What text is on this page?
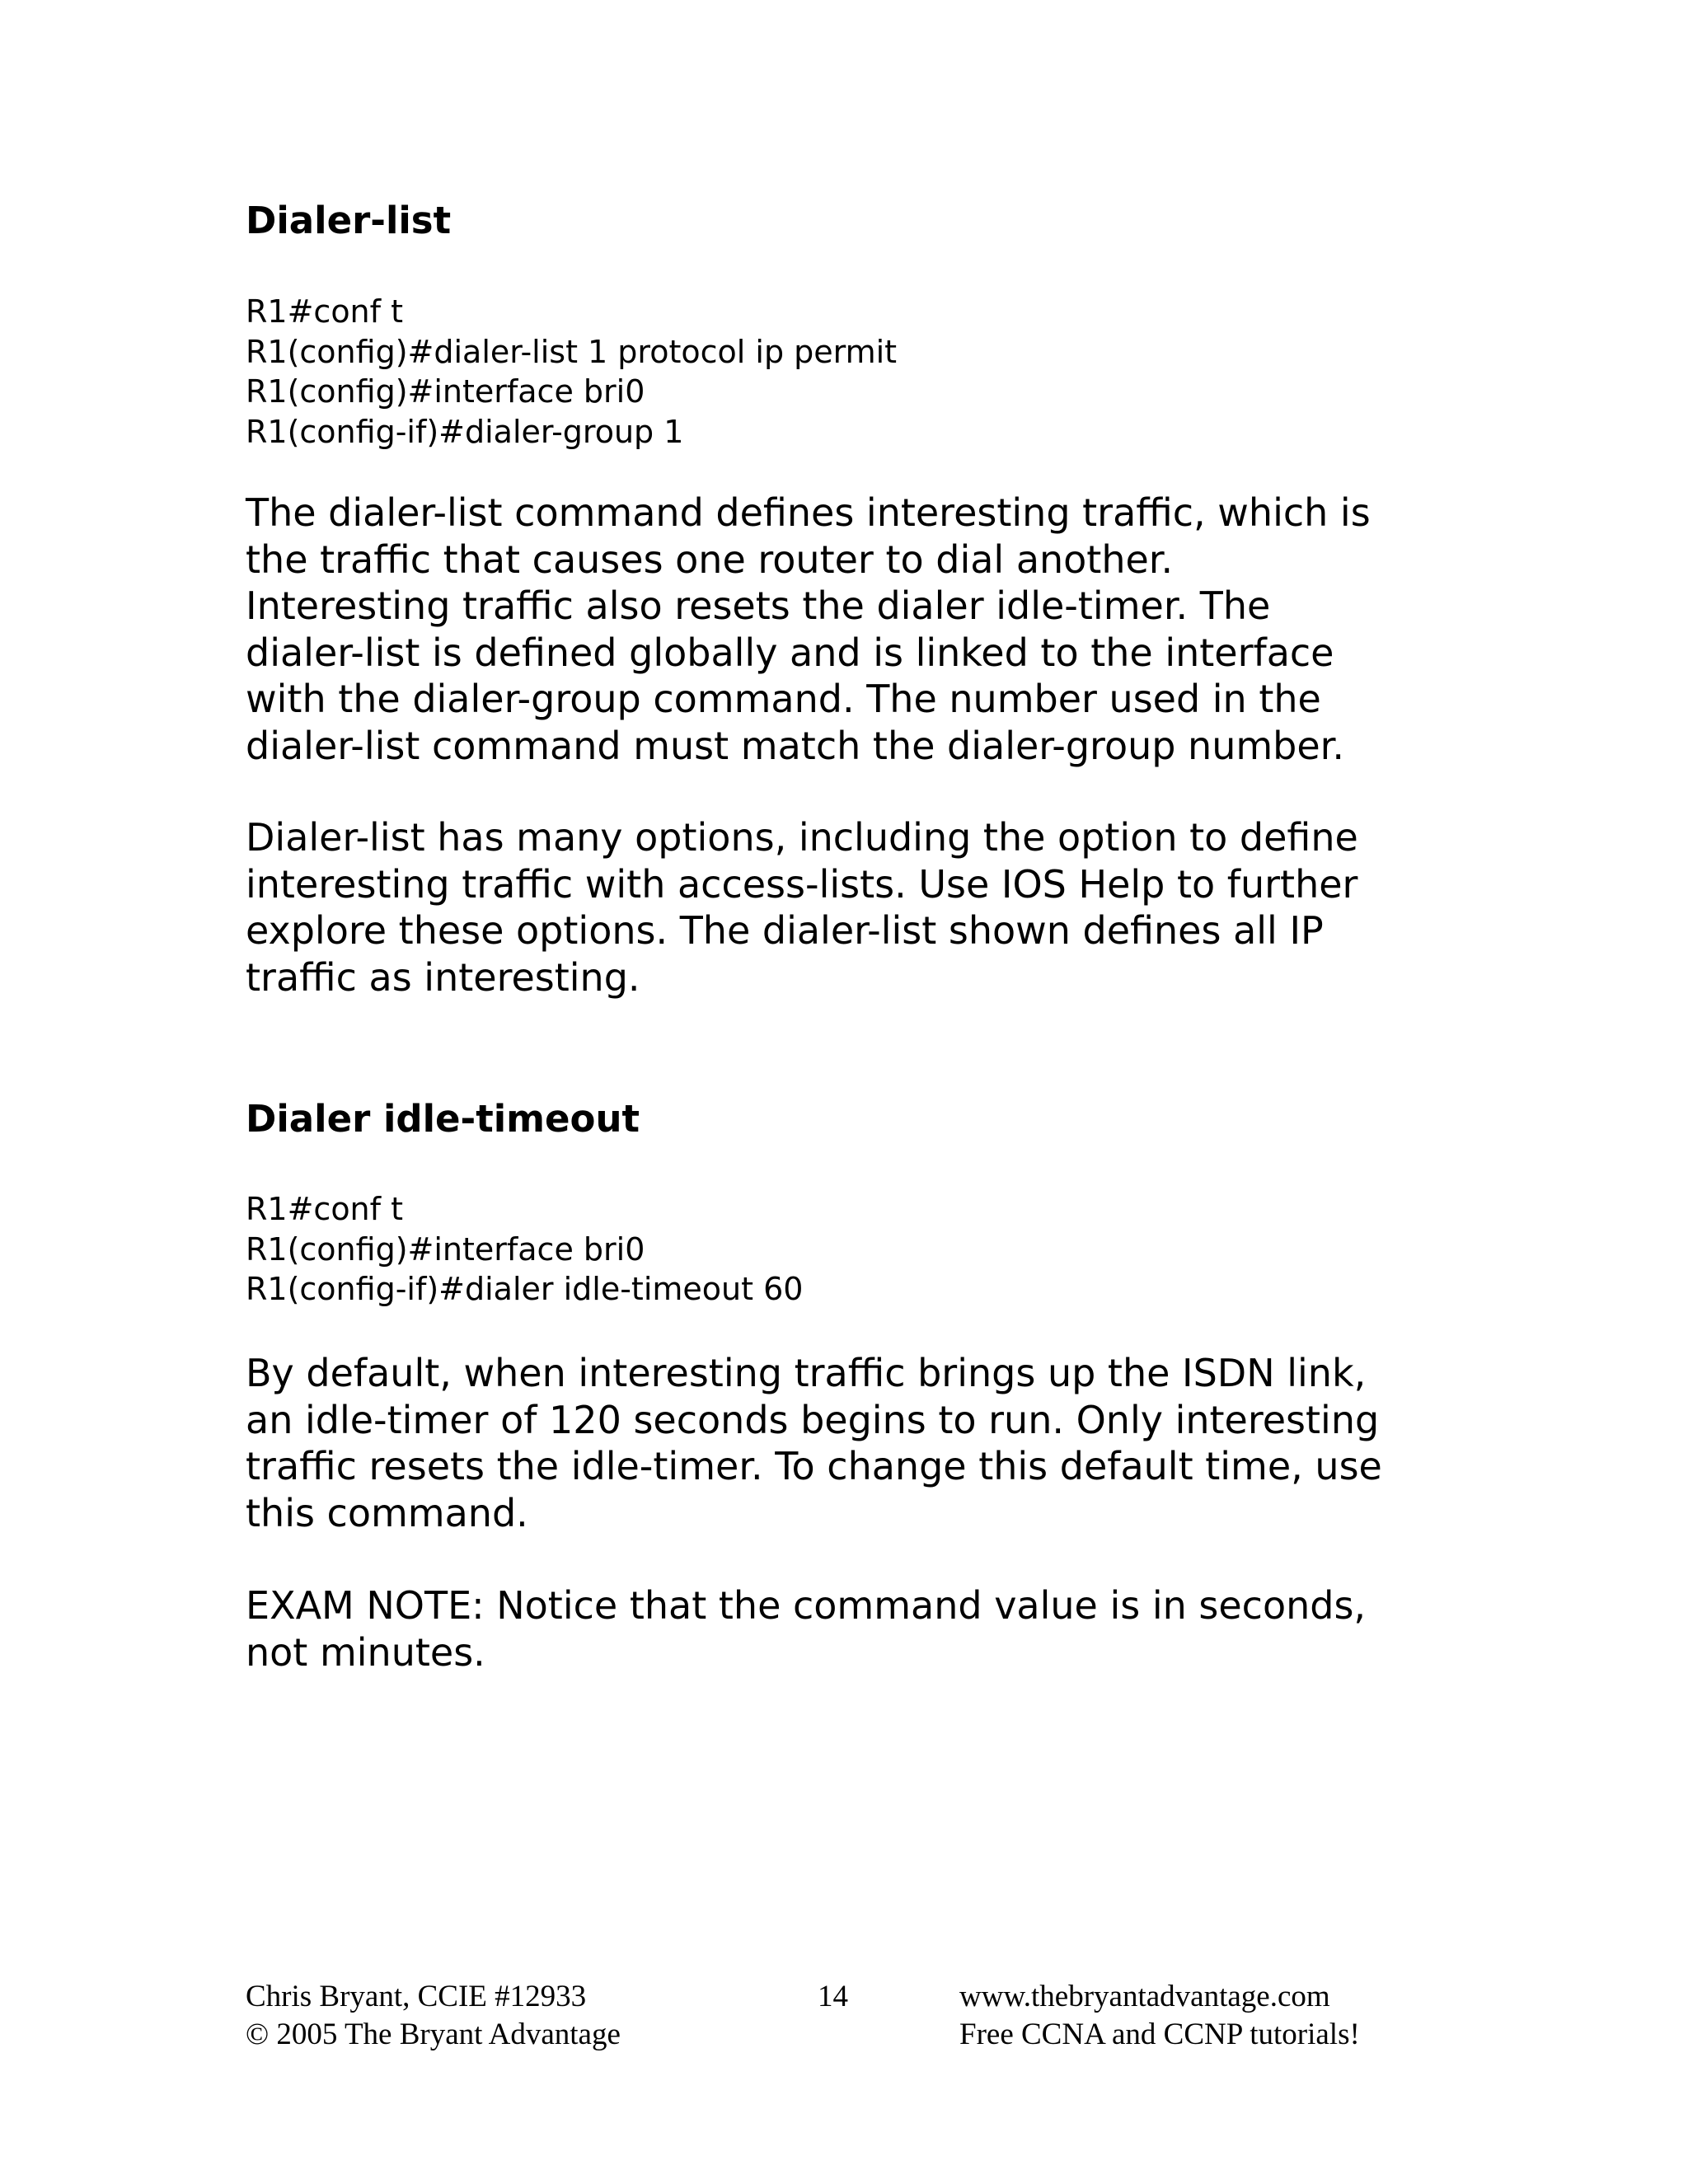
Dialer-list
R1#conf t
R1(config)#dialer-list 1 protocol ip permit
R1(config)#interface bri0
R1(config-if)#dialer-group 1
The dialer-list command defines interesting traffic, which is
the traffic that causes one router to dial another.
Interesting traffic also resets the dialer idle-timer. The
dialer-list is defined globally and is linked to the interface
with the dialer-group command. The number used in the
dialer-list command must match the dialer-group number.
Dialer-list has many options, including the option to define
interesting traffic with access-lists. Use IOS Help to further
explore these options. The dialer-list shown defines all IP
traffic as interesting.
Dialer idle-timeout
R1#conf t
R1(config)#interface bri0
R1(config-if)#dialer idle-timeout 60
By default, when interesting traffic brings up the ISDN link,
an idle-timer of 120 seconds begins to run. Only interesting
traffic resets the idle-timer. To change this default time, use
this command.
EXAM NOTE: Notice that the command value is in seconds,
not minutes.
Chris Bryant, CCIE #12933
© 2005 The Bryant Advantage
14	www.thebryantadvantage.com
Free CCNA and CCNP tutorials!
